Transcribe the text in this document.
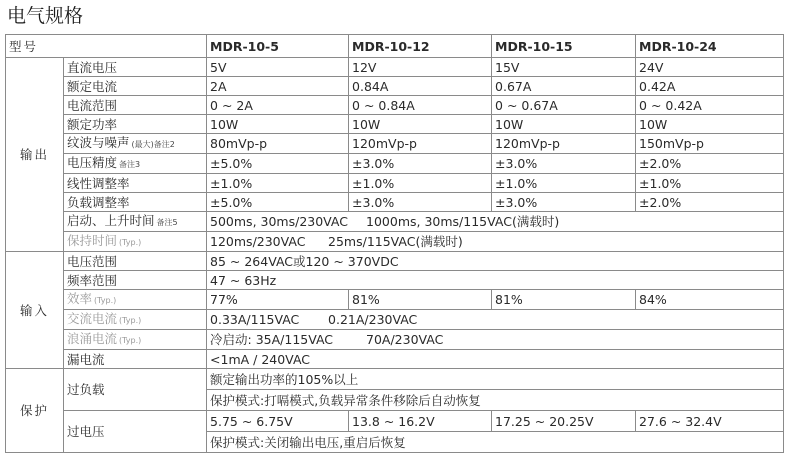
电气规格
型号		MDR-10-5	MDR-10-12	MDR-10-15	MDR-10-24
输出	直流电压	5V	12V	15V	24V
	额定电流	2A	0.84A	0.67A	0.42A
	电流范围	0 ~ 2A	0 ~ 0.84A	0 ~ 0.67A	0 ~ 0.42A
	额定功率	10W	10W	10W	10W
	纹波与噪声 (最大)备注2	80mVp-p	120mVp-p	120mVp-p	150mVp-p
	电压精度 备注3	±5.0%	±3.0%	±3.0%	±2.0%
	线性调整率	±1.0%	±1.0%	±1.0%	±1.0%
	负载调整率	±5.0%	±3.0%	±3.0%	±2.0%
	启动、上升时间 备注5	500ms, 30ms/230VAC 1000ms, 30ms/115VAC(满载时)			
	保持时间 (Typ.)	120ms/230VAC 25ms/115VAC(满载时)			
输入	电压范围	85 ~ 264VAC或120 ~ 370VDC			
	频率范围	47 ~ 63Hz			
	效率 (Typ.)	77%	81%	81%	84%
	交流电流 (Typ.)	0.33A/115VAC 0.21A/230VAC			
	浪涌电流 (Typ.)	冷启动: 35A/115VAC 70A/230VAC			
	漏电流	<1mA / 240VAC			
保护	过负载	额定输出功率的105%以上			
		保护模式:打嗝模式,负载异常条件移除后自动恢复			
	过电压	5.75 ~ 6.75V	13.8 ~ 16.2V	17.25 ~ 20.25V	27.6 ~ 32.4V
		保护模式:关闭输出电压,重启后恢复			
